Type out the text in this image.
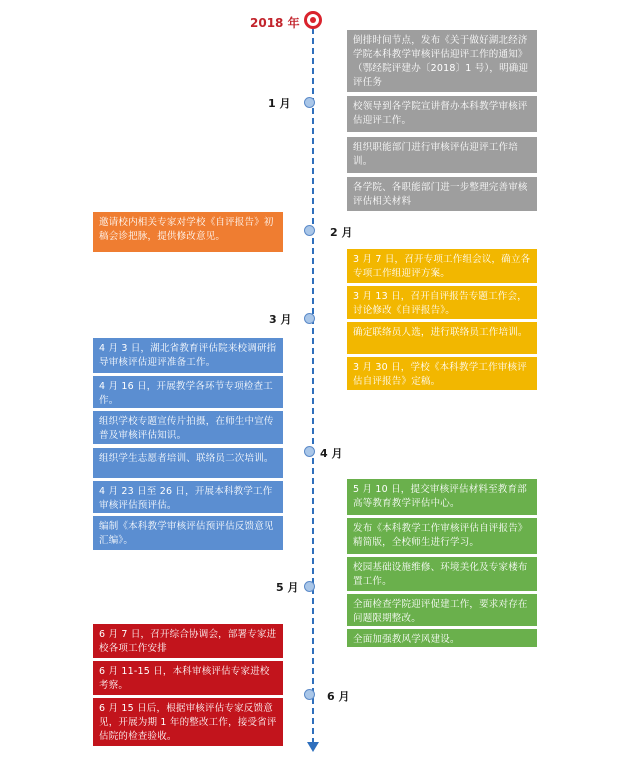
2018 年
1 月
2 月
3 月
4 月
5 月
6 月
倒排时间节点，发布《关于做好湖北经济学院本科教学审核评估迎评工作的通知》（鄂经院评建办〔2018〕1 号），明确迎评任务
校领导到各学院宣讲督办本科教学审核评估迎评工作。
组织职能部门进行审核评估迎评工作培训。
各学院、各职能部门进一步整理完善审核评估相关材料
邀请校内相关专家对学校《自评报告》初稿会诊把脉，提供修改意见。
3 月 7 日，召开专项工作组会议，确立各专项工作组迎评方案。
3 月 13 日，召开自评报告专题工作会，讨论修改《自评报告》。
确定联络员人选，进行联络员工作培训。
3 月 30 日，学校《本科教学工作审核评估自评报告》定稿。
4 月 3 日，湖北省教育评估院来校调研指导审核评估迎评准备工作。
4 月 16 日，开展教学各环节专项检查工作。
组织学校专题宣传片拍摄，在师生中宣传普及审核评估知识。
组织学生志愿者培训、联络员二次培训。
4 月 23 日至 26 日，开展本科教学工作审核评估预评估。
编制《本科教学审核评估预评估反馈意见汇编》。
5 月 10 日，提交审核评估材料至教育部高等教育教学评估中心。
发布《本科教学工作审核评估自评报告》精简版，全校师生进行学习。
校园基础设施维修、环境美化及专家楼布置工作。
全面检查学院迎评促建工作，要求对存在问题限期整改。
全面加强教风学风建设。
6 月 7 日，召开综合协调会，部署专家进校各项工作安排
6 月 11-15 日，本科审核评估专家进校考察。
6 月 15 日后，根据审核评估专家反馈意见，开展为期 1 年的整改工作，接受省评估院的检查验收。
